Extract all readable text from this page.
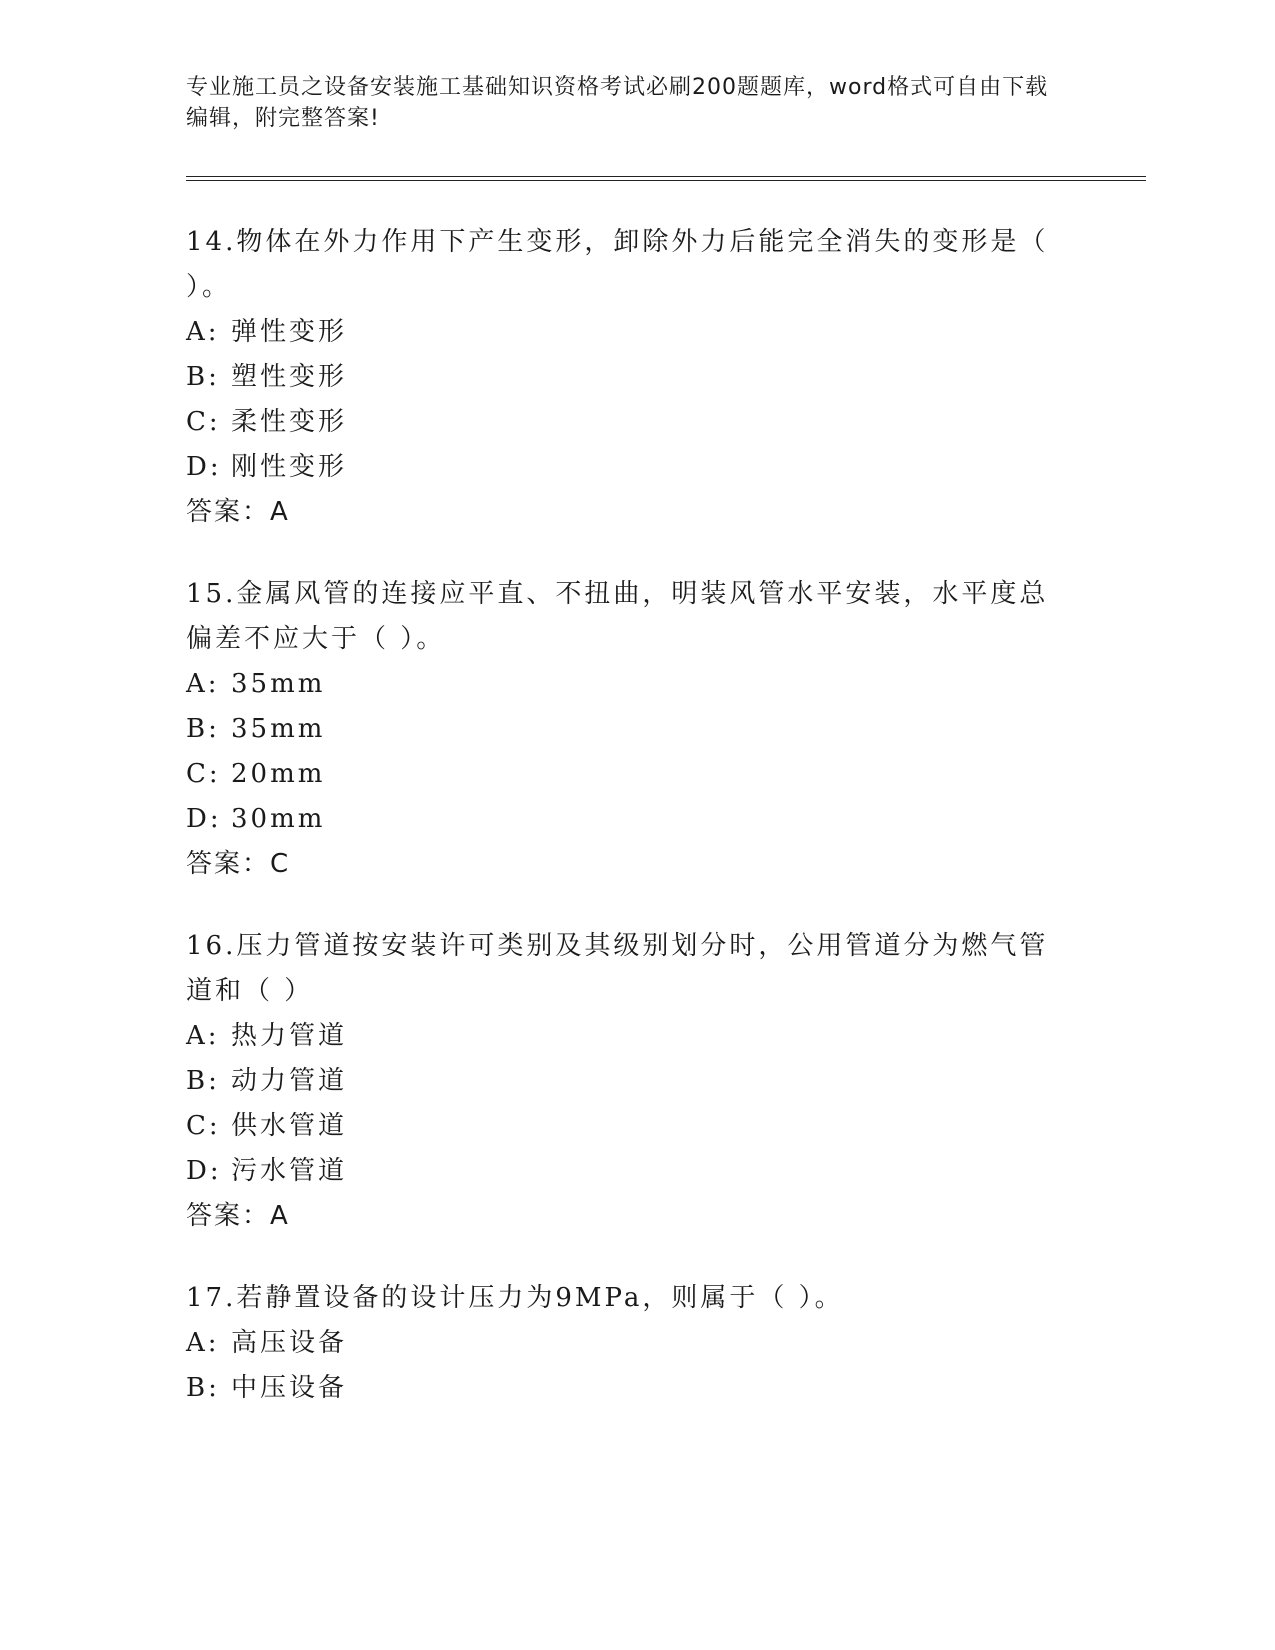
专业施工员之设备安装施工基础知识资格考试必刷200题题库，word格式可自由下载编辑，附完整答案!

14.物体在外力作用下产生变形，卸除外力后能完全消失的变形是（ ）。

A: 弹性变形

B: 塑性变形

C: 柔性变形

D: 刚性变形

答案：A

15.金属风管的连接应平直、不扭曲，明装风管水平安装，水平度总偏差不应大于（ ）。

A: 35mm

B: 35mm

C: 20mm

D: 30mm

答案：C

16.压力管道按安装许可类别及其级别划分时，公用管道分为燃气管道和（ ）

A: 热力管道

B: 动力管道

C: 供水管道

D: 污水管道

答案：A

17.若静置设备的设计压力为9MPa，则属于（ ）。

A: 高压设备

B: 中压设备
